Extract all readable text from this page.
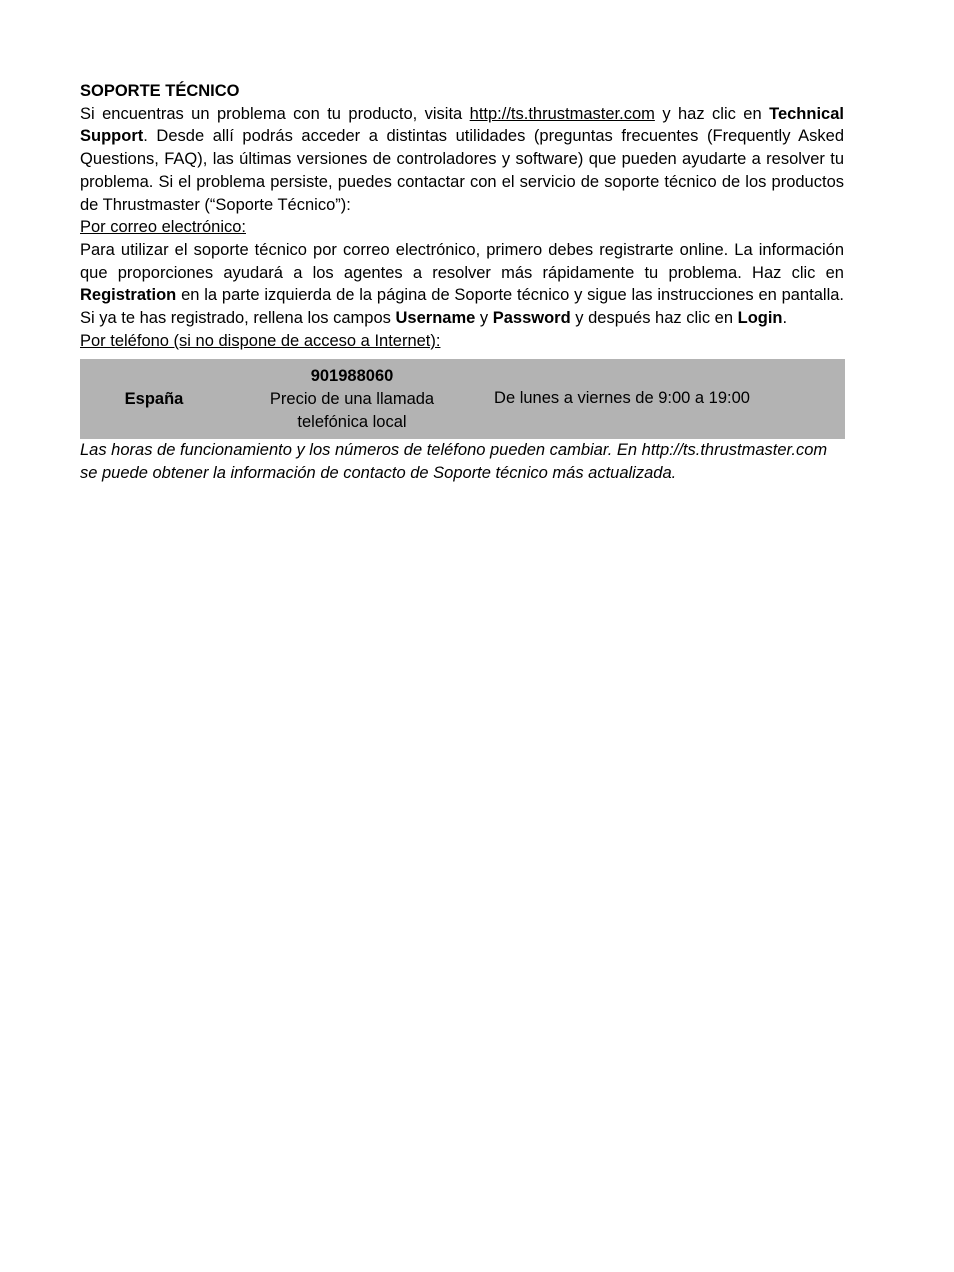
SOPORTE TÉCNICO

Si encuentras un problema con tu producto, visita http://ts.thrustmaster.com y haz clic en Technical Support. Desde allí podrás acceder a distintas utilidades (preguntas frecuentes (Frequently Asked Questions, FAQ), las últimas versiones de controladores y software) que pueden ayudarte a resolver tu problema. Si el problema persiste, puedes contactar con el servicio de soporte técnico de los productos de Thrustmaster (“Soporte Técnico”):

Por correo electrónico:

Para utilizar el soporte técnico por correo electrónico, primero debes registrarte online. La información que proporciones ayudará a los agentes a resolver más rápidamente tu problema. Haz clic en Registration en la parte izquierda de la página de Soporte técnico y sigue las instrucciones en pantalla. Si ya te has registrado, rellena los campos Username y Password y después haz clic en Login.

Por teléfono (si no dispone de acceso a Internet):

España
901988060
Precio de una llamada
telefónica local
De lunes a viernes de 9:00 a 19:00

Las horas de funcionamiento y los números de teléfono pueden cambiar. En http://ts.thrustmaster.com se puede obtener la información de contacto de Soporte técnico más actualizada.
